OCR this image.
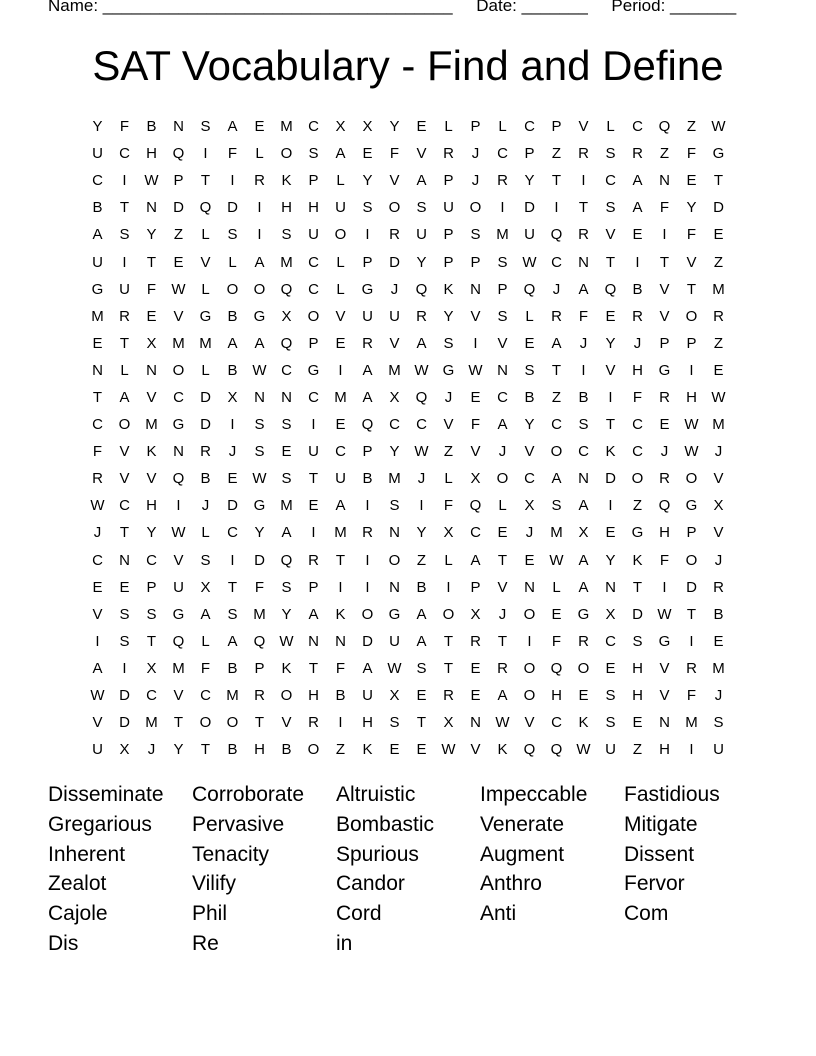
Name: _____________________________________ Date: _______ Period: _______
SAT Vocabulary - Find and Define
Y	F	B	N	S	A	E	M	C	X	X	Y	E	L	P	L	C	P	V	L	C	Q	Z	W
U	C	H	Q	I	F	L	O	S	A	E	F	V	R	J	C	P	Z	R	S	R	Z	F	G
C	I	W P	T	I	R	K	P	L	Y	V	A	P	J	R	Y	T	I	C	A	N	E	T
B	T	N	D	Q	D	I	H	H	U	S	O	S	U	O	I	D	I	T	S	A	F	Y	D
A	S	Y	Z	L	S	I	S	U	O	I	R	U	P	S	M	U	Q	R	V	E	I	F	E
U	I	T	E	V	L	A	M	C	L	P	D	Y	P	P	S W C	N	T	I	T	V	Z
G	U	F	W	L	O	O	Q	C	L	G	J	Q	K	N	P	Q	J	A	Q	B	V	T	M
M	R	E	V	G	B	G	X	O	V	U	U	R	Y	V	S	L	R	F	E	R	V	O	R
E	T	X	M M	A	A	Q	P	E	R	V	A	S	I	V	E	A	J	Y	J	P	P	Z
N	L	N	O	L	B W C	G	I	A	M W G W N	S	T	I	V	H	G	I	E
T	A	V	C	D	X	N	N	C	M	A	X	Q	J	E	C	B	Z	B	I	F	R	H W
C	O M G	D	I	S	S	I	E	Q	C	C	V	F	A	Y	C	S	T	C	E W M
F	V	K	N	R	J	S	E	U	C	P	Y W	Z	V	J	V	O	C	K	C	J	W	J
R	V	V	Q	B	E W S	T	U	B	M	J	L	X	O	C	A	N	D	O	R	O	V
W C	H	I	J	D	G M	E	A	I	S	I	F	Q	L	X	S	A	I	Z	Q	G	X
J	T	Y W	L	C	Y	A	I	M	R	N	Y	X	C	E	J	M	X	E	G	H	P	V
C	N	C	V	S	I	D	Q	R	T	I	O	Z	L	A	T	E W A	Y	K	F	O	J
E	E	P	U	X	T	F	S	P	I	I	N	B	I	P	V	N	L	A	N	T	I	D	R
V	S	S	G	A	S	M	Y	A	K	O	G	A	O	X	J	O	E	G	X	D W	T	B
I	S	T	Q	L	A	Q W N	N	D	U	A	T	R	T	I	F	R	C	S	G	I	E
A	I	X	M	F	B	P	K	T	F	A W S	T	E	R	O	Q	O	E	H	V	R	M
W D	C	V	C	M	R	O	H	B	U	X	E	R	E	A	O	H	E	S	H	V	F	J
V	D	M	T	O	O	T	V	R	I	H	S	T	X	N W V	C	K	S	E	N	M	S
U	X	J	Y	T	B	H	B	O	Z	K	E	E W V	K	Q	Q W U	Z	H	I	U
Disseminate	Corroborate	Altruistic	Impeccable	Fastidious
Gregarious	Pervasive	Bombastic	Venerate	Mitigate
Inherent	Tenacity	Spurious	Augment	Dissent
Zealot	Vilify	Candor	Anthro	Fervor
Cajole	Phil	Cord	Anti	Com
Dis	Re	in
